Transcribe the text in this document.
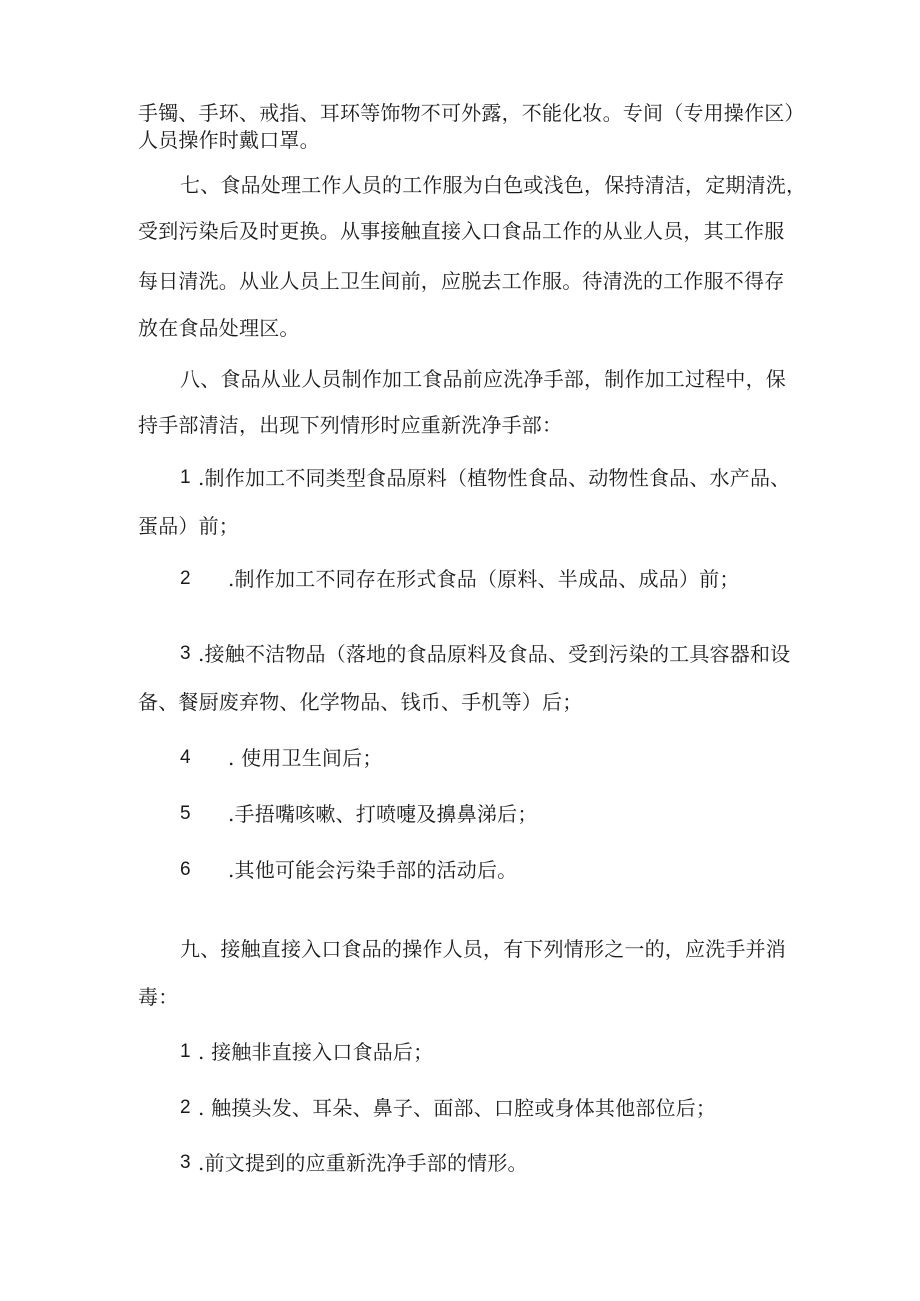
手镯、手环、戒指、耳环等饰物不可外露，不能化妆。专间（专用操作区）
人员操作时戴口罩。
七、食品处理工作人员的工作服为白色或浅色，保持清洁，定期清洗，
受到污染后及时更换。从事接触直接入口食品工作的从业人员，其工作服
每日清洗。从业人员上卫生间前，应脱去工作服。待清洗的工作服不得存
放在食品处理区。
八、食品从业人员制作加工食品前应洗净手部，制作加工过程中，保
持手部清洁，出现下列情形时应重新洗净手部：
1 .制作加工不同类型食品原料（植物性食品、动物性食品、水产品、
蛋品）前；
2 .制作加工不同存在形式食品（原料、半成品、成品）前；
3 .接触不洁物品（落地的食品原料及食品、受到污染的工具容器和设
备、餐厨废弃物、化学物品、钱币、手机等）后；
4 . 使用卫生间后；
5 .手捂嘴咳嗽、打喷嚏及擤鼻涕后；
6 .其他可能会污染手部的活动后。
九、接触直接入口食品的操作人员，有下列情形之一的，应洗手并消
毒：
1 . 接触非直接入口食品后；
2 . 触摸头发、耳朵、鼻子、面部、口腔或身体其他部位后；
3 .前文提到的应重新洗净手部的情形。
